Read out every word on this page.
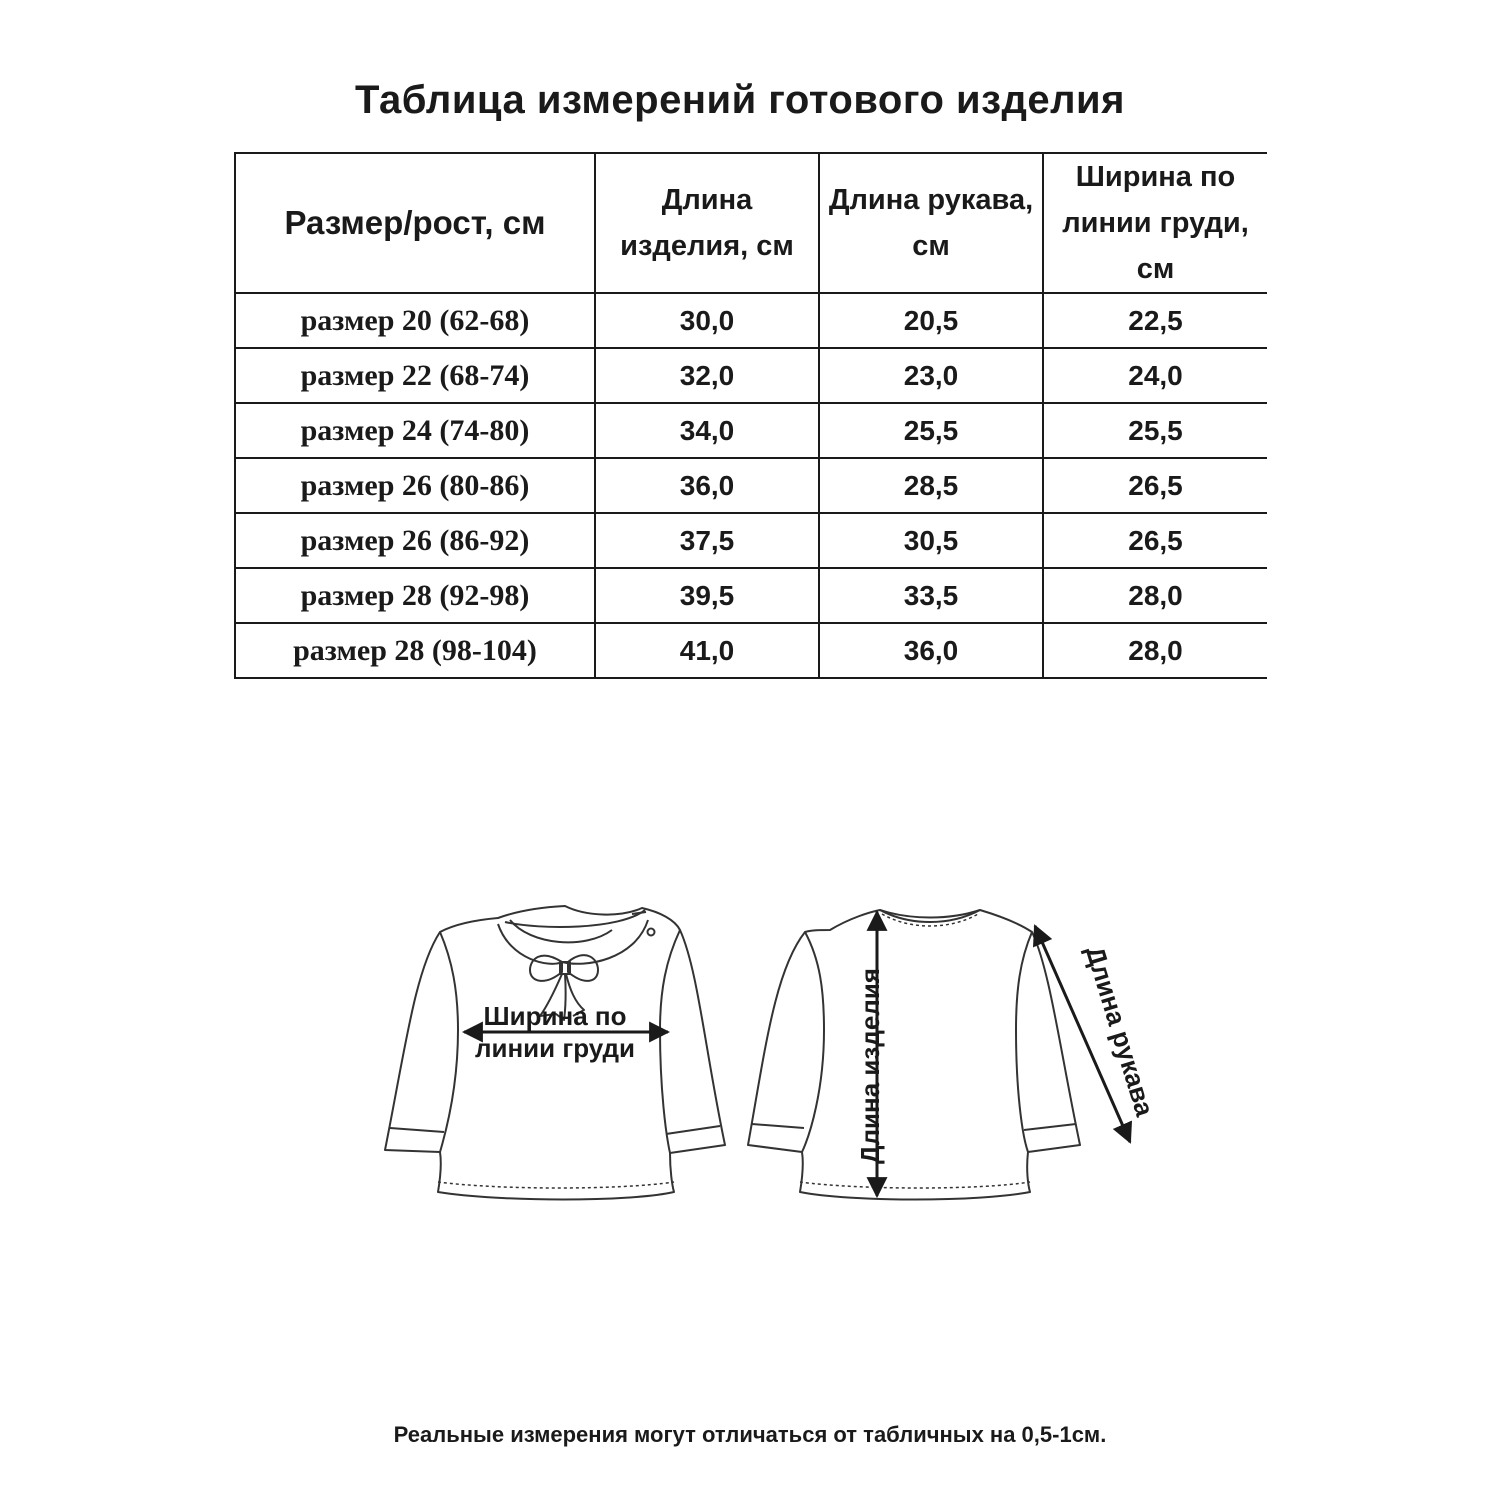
Таблица измерений готового изделия
Размер/рост, см	Длина изделия, см	Длина рукава, см	Ширина по линии груди, см
размер 20 (62-68)	30,0	20,5	22,5
размер 22 (68-74)	32,0	23,0	24,0
размер 24 (74-80)	34,0	25,5	25,5
размер 26 (80-86)	36,0	28,5	26,5
размер 26 (86-92)	37,5	30,5	26,5
размер 28 (92-98)	39,5	33,5	28,0
размер 28 (98-104)	41,0	36,0	28,0
Ширина по линии груди	Длина изделия	Длина рукава
Реальные измерения могут отличаться от табличных на 0,5-1см.
